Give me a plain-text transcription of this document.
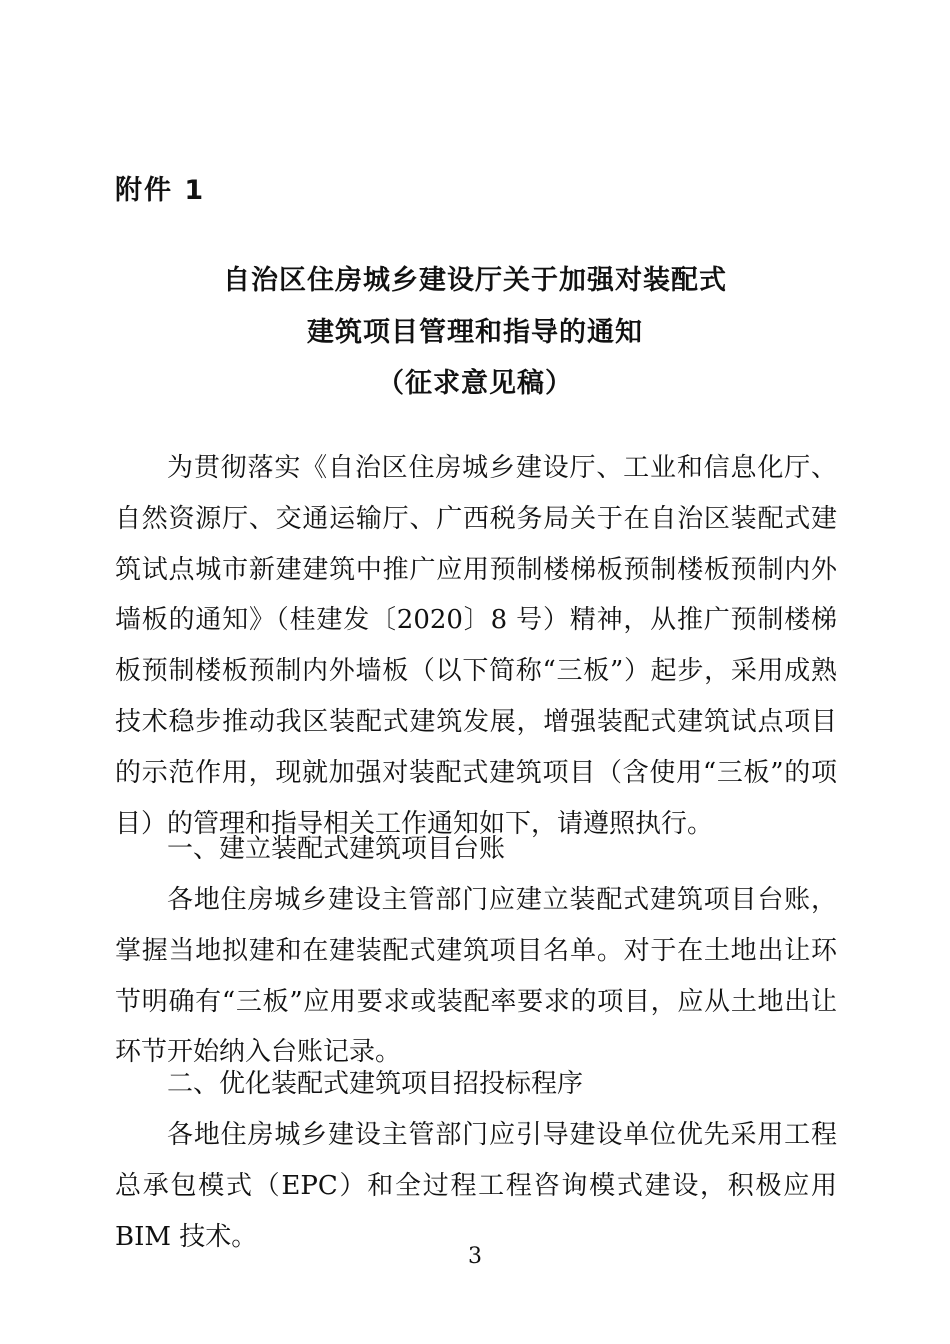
附件 1
自治区住房城乡建设厅关于加强对装配式
建筑项目管理和指导的通知
（征求意见稿）

为贯彻落实《自治区住房城乡建设厅、工业和信息化厅、自然资源厅、交通运输厅、广西税务局关于在自治区装配式建筑试点城市新建建筑中推广应用预制楼梯板预制楼板预制内外墙板的通知》（桂建发〔2020〕8 号）精神，从推广预制楼梯板预制楼板预制内外墙板（以下简称“三板”）起步，采用成熟技术稳步推动我区装配式建筑发展，增强装配式建筑试点项目的示范作用，现就加强对装配式建筑项目（含使用“三板”的项目）的管理和指导相关工作通知如下，请遵照执行。

一、建立装配式建筑项目台账

各地住房城乡建设主管部门应建立装配式建筑项目台账，掌握当地拟建和在建装配式建筑项目名单。对于在土地出让环节明确有“三板”应用要求或装配率要求的项目，应从土地出让环节开始纳入台账记录。

二、优化装配式建筑项目招投标程序

各地住房城乡建设主管部门应引导建设单位优先采用工程总承包模式（EPC）和全过程工程咨询模式建设，积极应用 BIM 技术。

3
